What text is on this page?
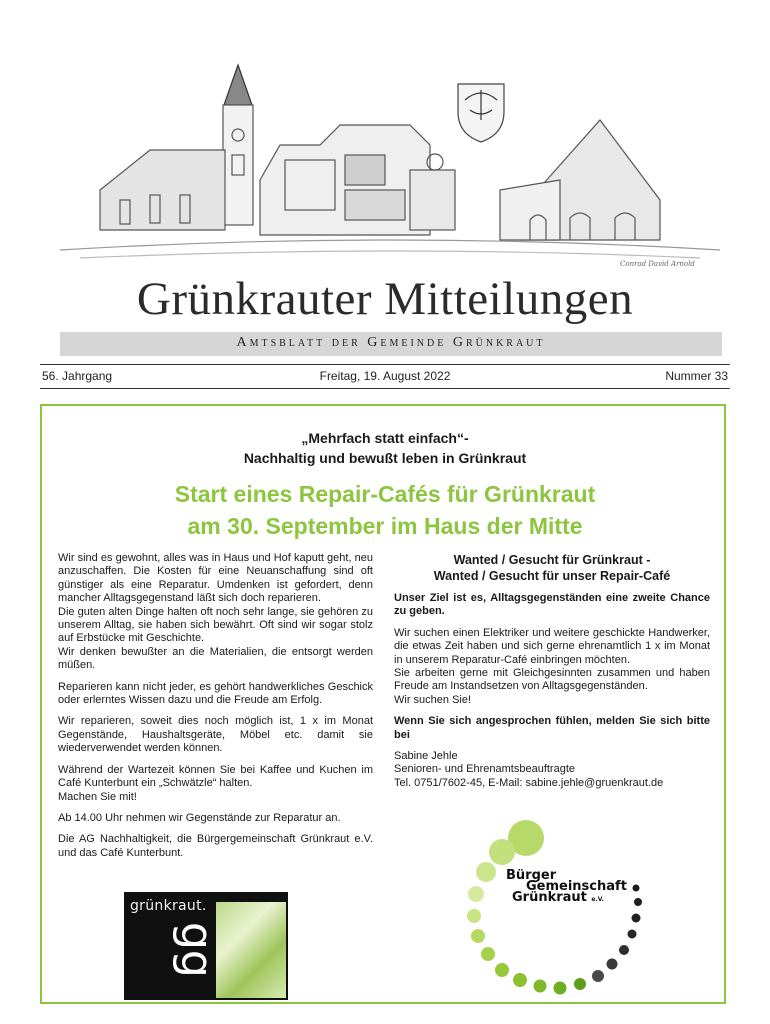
Conrad David Arnold
Grünkrauter Mitteilungen
Amtsblatt der Gemeinde Grünkraut
56. Jahrgang	Freitag, 19. August 2022	Nummer 33
„Mehrfach statt einfach“-
Nachhaltig und bewußt leben in Grünkraut
Start eines Repair-Cafés für Grünkraut
am 30. September im Haus der Mitte

Wir sind es gewohnt, alles was in Haus und Hof kaputt geht, neu anzuschaffen. Die Kosten für eine Neuanschaffung sind oft günstiger als eine Reparatur. Umdenken ist gefordert, denn mancher Alltagsgegenstand läßt sich doch reparieren.
Die guten alten Dinge halten oft noch sehr lange, sie gehören zu unserem Alltag, sie haben sich bewährt. Oft sind wir sogar stolz auf Erbstücke mit Geschichte.
Wir denken bewußter an die Materialien, die entsorgt werden müßen.

Reparieren kann nicht jeder, es gehört handwerkliches Geschick oder erlerntes Wissen dazu und die Freude am Erfolg.

Wir reparieren, soweit dies noch möglich ist, 1 x im Monat Gegenstände, Haushaltsgeräte, Möbel etc. damit sie wiederverwendet werden können.

Während der Wartezeit können Sie bei Kaffee und Kuchen im Café Kunterbunt ein „Schwätzle“ halten.
Machen Sie mit!

Ab 14.00 Uhr nehmen wir Gegenstände zur Reparatur an.

Die AG Nachhaltigkeit, die Bürgergemeinschaft Grünkraut e.V. und das Café Kunterbunt.

Wanted / Gesucht für Grünkraut -
Wanted / Gesucht für unser Repair-Café

Unser Ziel ist es, Alltagsgegenständen eine zweite Chance zu geben.

Wir suchen einen Elektriker und weitere geschickte Handwerker, die etwas Zeit haben und sich gerne ehrenamtlich 1 x im Monat in unserem Reparatur-Café einbringen möchten.
Sie arbeiten gerne mit Gleichgesinnten zusammen und haben Freude am Instandsetzen von Alltagsgegenständen.
Wir suchen Sie!

Wenn Sie sich angesprochen fühlen, melden Sie sich bitte bei

Sabine Jehle
Senioren- und Ehrenamtsbeauftragte
Tel. 0751/7602-45, E-Mail: sabine.jehle@gruenkraut.de
grünkraut.
gg
Bürger
Gemeinschaft
Grünkraut e.V.
